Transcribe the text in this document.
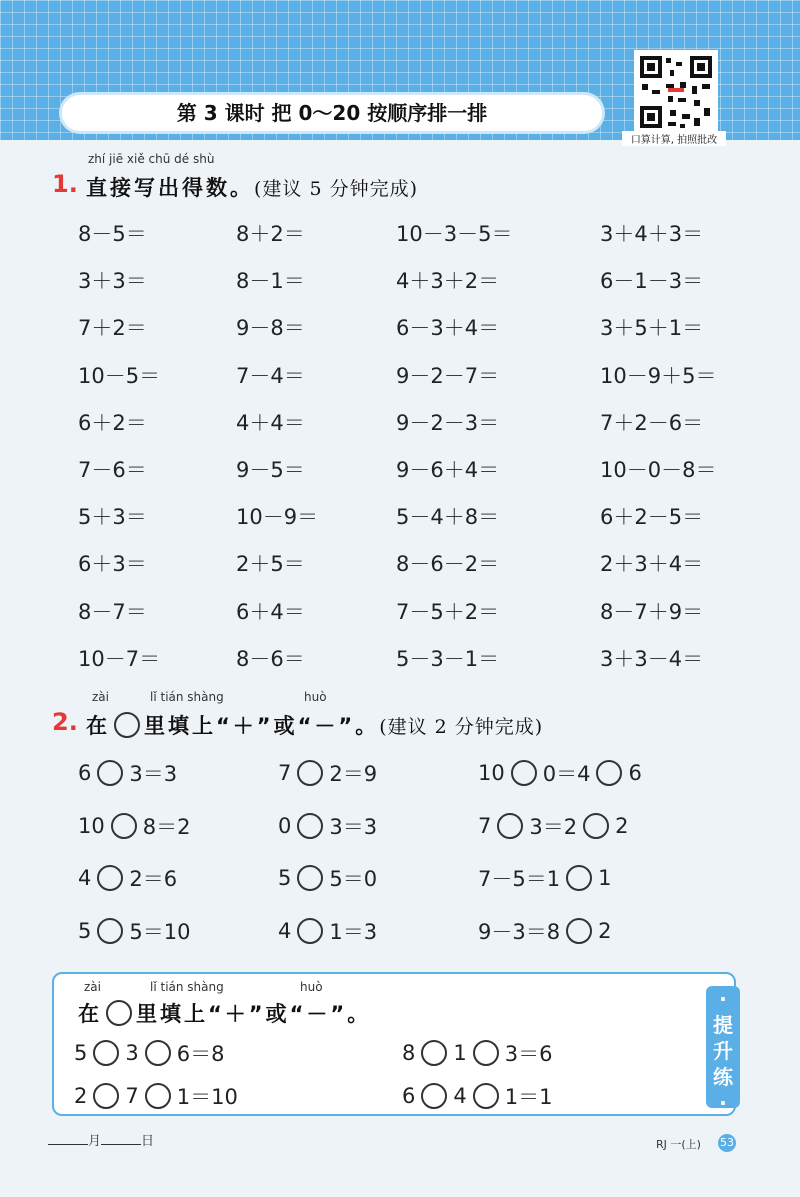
第 3 课时 把 0～20 按顺序排一排
口算计算, 拍照批改
zhí jiē xiě chū dé shù
1. 直接写出得数。(建议 5 分钟完成)
8－5＝	8＋2＝	10－3－5＝	3＋4＋3＝
3＋3＝	8－1＝	4＋3＋2＝	6－1－3＝
7＋2＝	9－8＝	6－3＋4＝	3＋5＋1＝
10－5＝	7－4＝	9－2－7＝	10－9＋5＝
6＋2＝	4＋4＝	9－2－3＝	7＋2－6＝
7－6＝	9－5＝	9－6＋4＝	10－0－8＝
5＋3＝	10－9＝	5－4＋8＝	6＋2－5＝
6＋3＝	2＋5＝	8－6－2＝	2＋3＋4＝
8－7＝	6＋4＝	7－5＋2＝	8－7＋9＝
10－7＝	8－6＝	5－3－1＝	3＋3－4＝
zài	lǐ tián shàng	huò
2. 在 里填上“＋”或“－”。 (建议 2 分钟完成)
6 3＝3	7 2＝9	10 0＝4 6
10 8＝2	0 3＝3	7 3＝2 2
4 2＝6	5 5＝0	7－5＝1 1
5 5＝10	4 1＝3	9－3＝8 2
zài	lǐ tián shàng	huò
在 里填上“＋”或“－”。
5 3 6＝8	8 1 3＝6
2 7 1＝10	6 4 1＝1
·
提
升
练
·
月	日	RJ 一(上) 53
